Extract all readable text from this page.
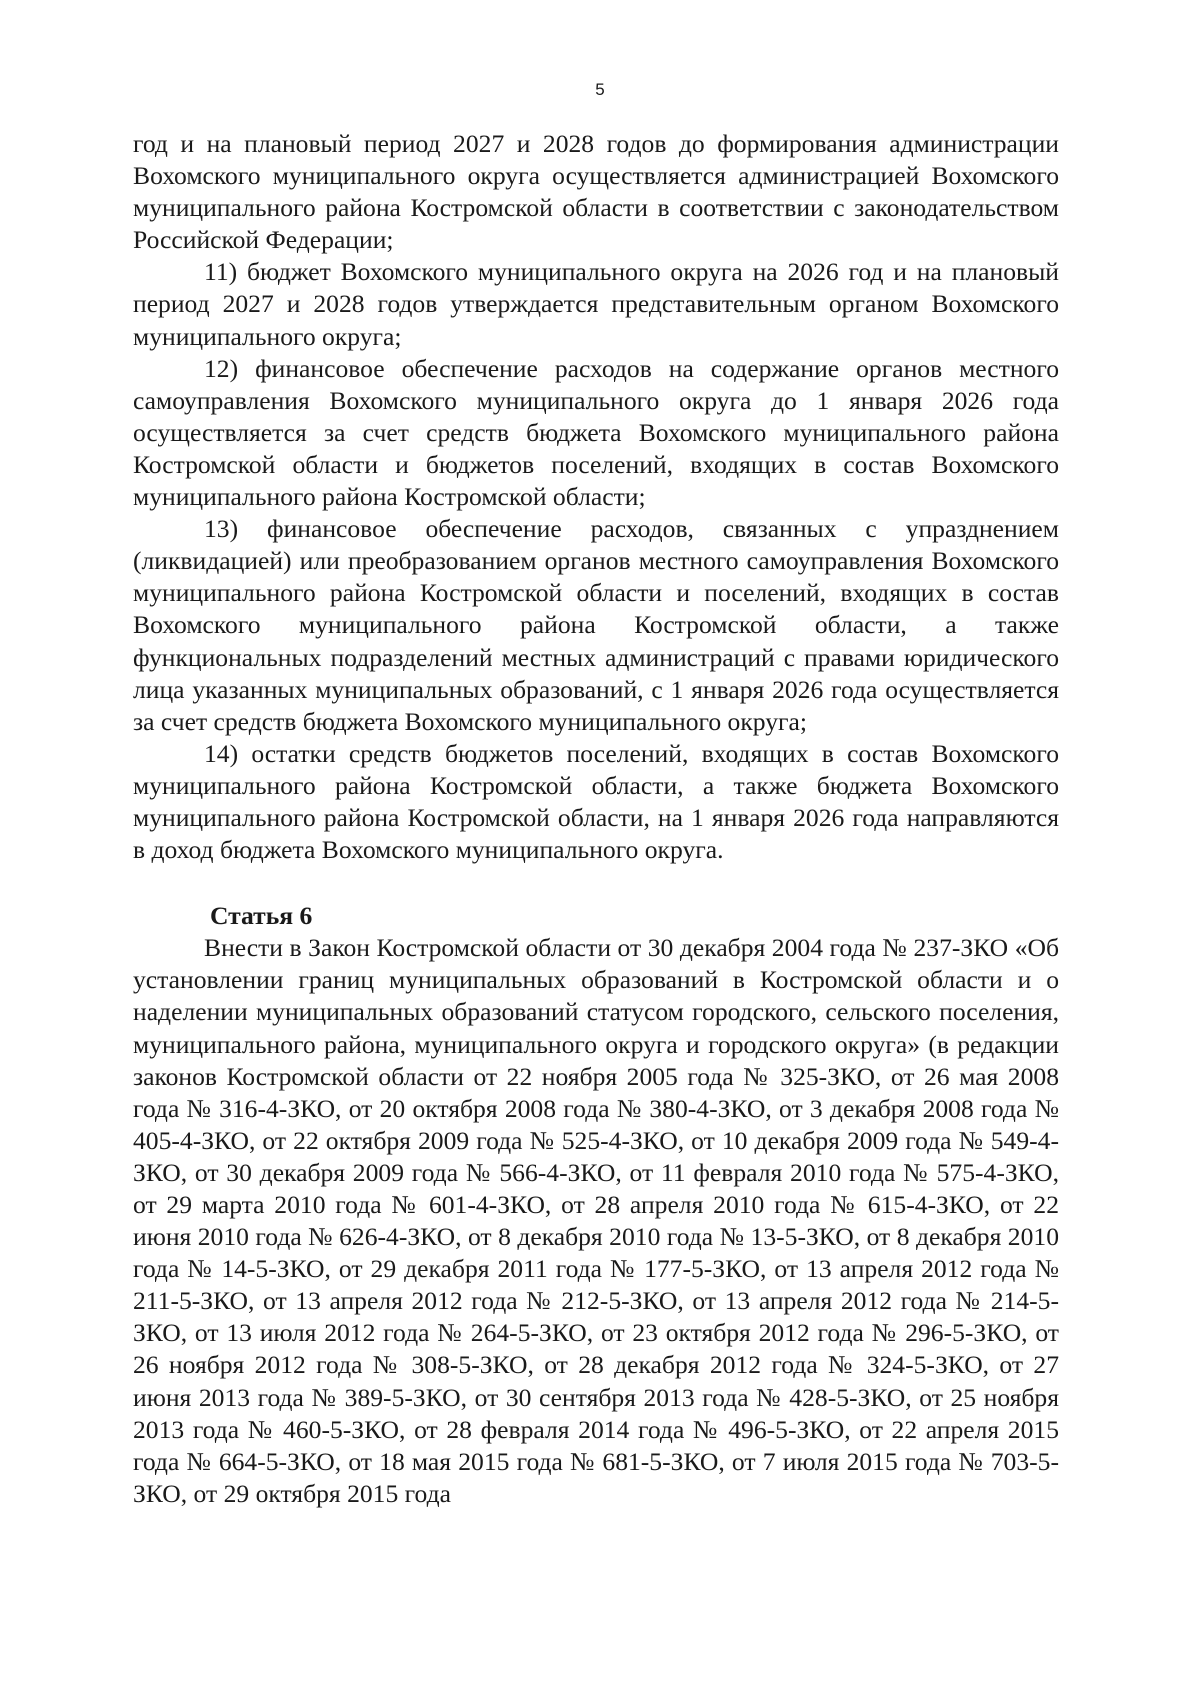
5

год и на плановый период 2027 и 2028 годов до формирования администрации Вохомского муниципального округа осуществляется администрацией Вохомского муниципального района Костромской области в соответствии с законодательством Российской Федерации;

11) бюджет Вохомского муниципального округа на 2026 год и на плановый период 2027 и 2028 годов утверждается представительным органом Вохомского муниципального округа;

12) финансовое обеспечение расходов на содержание органов местного самоуправления Вохомского муниципального округа до 1 января 2026 года осуществляется за счет средств бюджета Вохомского муниципального района Костромской области и бюджетов поселений, входящих в состав Вохомского муниципального района Костромской области;

13) финансовое обеспечение расходов, связанных с упразднением (ликвидацией) или преобразованием органов местного самоуправления Вохомского муниципального района Костромской области и поселений, входящих в состав Вохомского муниципального района Костромской области, а также функциональных подразделений местных администраций с правами юридического лица указанных муниципальных образований, с 1 января 2026 года осуществляется за счет средств бюджета Вохомского муниципального округа;

14) остатки средств бюджетов поселений, входящих в состав Вохомского муниципального района Костромской области, а также бюджета Вохомского муниципального района Костромской области, на 1 января 2026 года направляются в доход бюджета Вохомского муниципального округа.

Статья 6

Внести в Закон Костромской области от 30 декабря 2004 года № 237-ЗКО «Об установлении границ муниципальных образований в Костромской области и о наделении муниципальных образований статусом городского, сельского поселения, муниципального района, муниципального округа и городского округа» (в редакции законов Костромской области от 22 ноября 2005 года № 325-ЗКО, от 26 мая 2008 года № 316-4-ЗКО, от 20 октября 2008 года № 380-4-ЗКО, от 3 декабря 2008 года № 405-4-ЗКО, от 22 октября 2009 года № 525-4-ЗКО, от 10 декабря 2009 года № 549-4-ЗКО, от 30 декабря 2009 года № 566-4-ЗКО, от 11 февраля 2010 года № 575-4-ЗКО, от 29 марта 2010 года № 601-4-ЗКО, от 28 апреля 2010 года № 615-4-ЗКО, от 22 июня 2010 года № 626-4-ЗКО, от 8 декабря 2010 года № 13-5-ЗКО, от 8 декабря 2010 года № 14-5-ЗКО, от 29 декабря 2011 года № 177-5-ЗКО, от 13 апреля 2012 года № 211-5-ЗКО, от 13 апреля 2012 года № 212-5-ЗКО, от 13 апреля 2012 года № 214-5-ЗКО, от 13 июля 2012 года № 264-5-ЗКО, от 23 октября 2012 года № 296-5-ЗКО, от 26 ноября 2012 года № 308-5-ЗКО, от 28 декабря 2012 года № 324-5-ЗКО, от 27 июня 2013 года № 389-5-ЗКО, от 30 сентября 2013 года № 428-5-ЗКО, от 25 ноября 2013 года № 460-5-ЗКО, от 28 февраля 2014 года № 496-5-ЗКО, от 22 апреля 2015 года № 664-5-ЗКО, от 18 мая 2015 года № 681-5-ЗКО, от 7 июля 2015 года № 703-5-ЗКО, от 29 октября 2015 года
